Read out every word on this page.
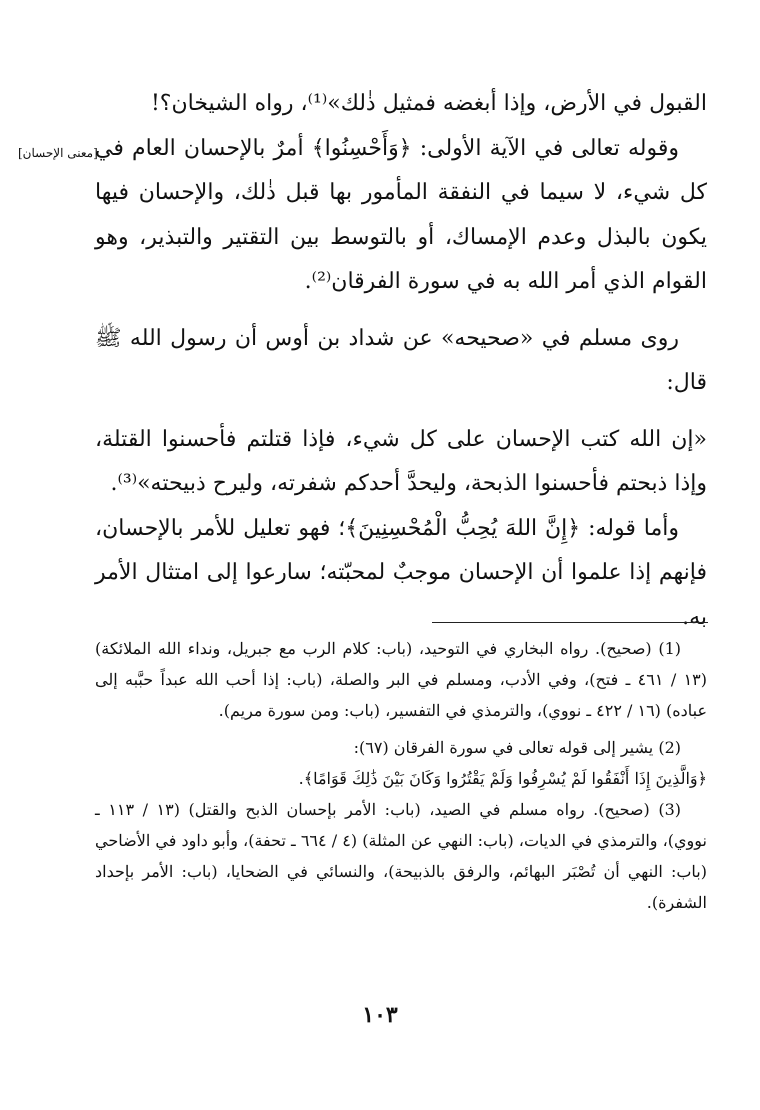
[معنى الإحسان]

القبول في الأرض، وإذا أبغضه فمثيل ذٰلك»⁽¹⁾، رواه الشيخان؟!

وقوله تعالى في الآية الأولى: ﴿وَأَحْسِنُوا﴾ أمرٌ بالإحسان العام في كل شيء، لا سيما في النفقة المأمور بها قبل ذٰلك، والإحسان فيها يكون بالبذل وعدم الإمساك، أو بالتوسط بين التقتير والتبذير، وهو القوام الذي أمر الله به في سورة الفرقان⁽²⁾.

روى مسلم في «صحيحه» عن شداد بن أوس أن رسول الله ﷺ قال:

«إن الله كتب الإحسان على كل شيء، فإذا قتلتم فأحسنوا القتلة، وإذا ذبحتم فأحسنوا الذبحة، وليحدَّ أحدكم شفرته، وليرح ذبيحته»⁽³⁾.

وأما قوله: ﴿إِنَّ اللهَ يُحِبُّ الْمُحْسِنِينَ﴾؛ فهو تعليل للأمر بالإحسان، فإنهم إذا علموا أن الإحسان موجبٌ لمحبّته؛ سارعوا إلى امتثال الأمر به.

(1) (صحيح). رواه البخاري في التوحيد، (باب: كلام الرب مع جبريل، ونداء الله الملائكة) (١٣ / ٤٦١ ـ فتح)، وفي الأدب، ومسلم في البر والصلة، (باب: إذا أحب الله عبداً حبَّبه إلى عباده) (١٦ / ٤٢٢ ـ نووي)، والترمذي في التفسير، (باب: ومن سورة مريم).

(2) يشير إلى قوله تعالى في سورة الفرقان (٦٧):

﴿وَالَّذِينَ إِذَا أَنْفَقُوا لَمْ يُسْرِفُوا وَلَمْ يَقْتُرُوا وَكَانَ بَيْنَ ذَٰلِكَ قَوَامًا﴾.

(3) (صحيح). رواه مسلم في الصيد، (باب: الأمر بإحسان الذبح والقتل) (١٣ / ١١٣ ـ نووي)، والترمذي في الديات، (باب: النهي عن المثلة) (٤ / ٦٦٤ ـ تحفة)، وأبو داود في الأضاحي (باب: النهي أن تُصْبَر البهائم، والرفق بالذبيحة)، والنسائي في الضحايا، (باب: الأمر بإحداد الشفرة).

١٠٣
